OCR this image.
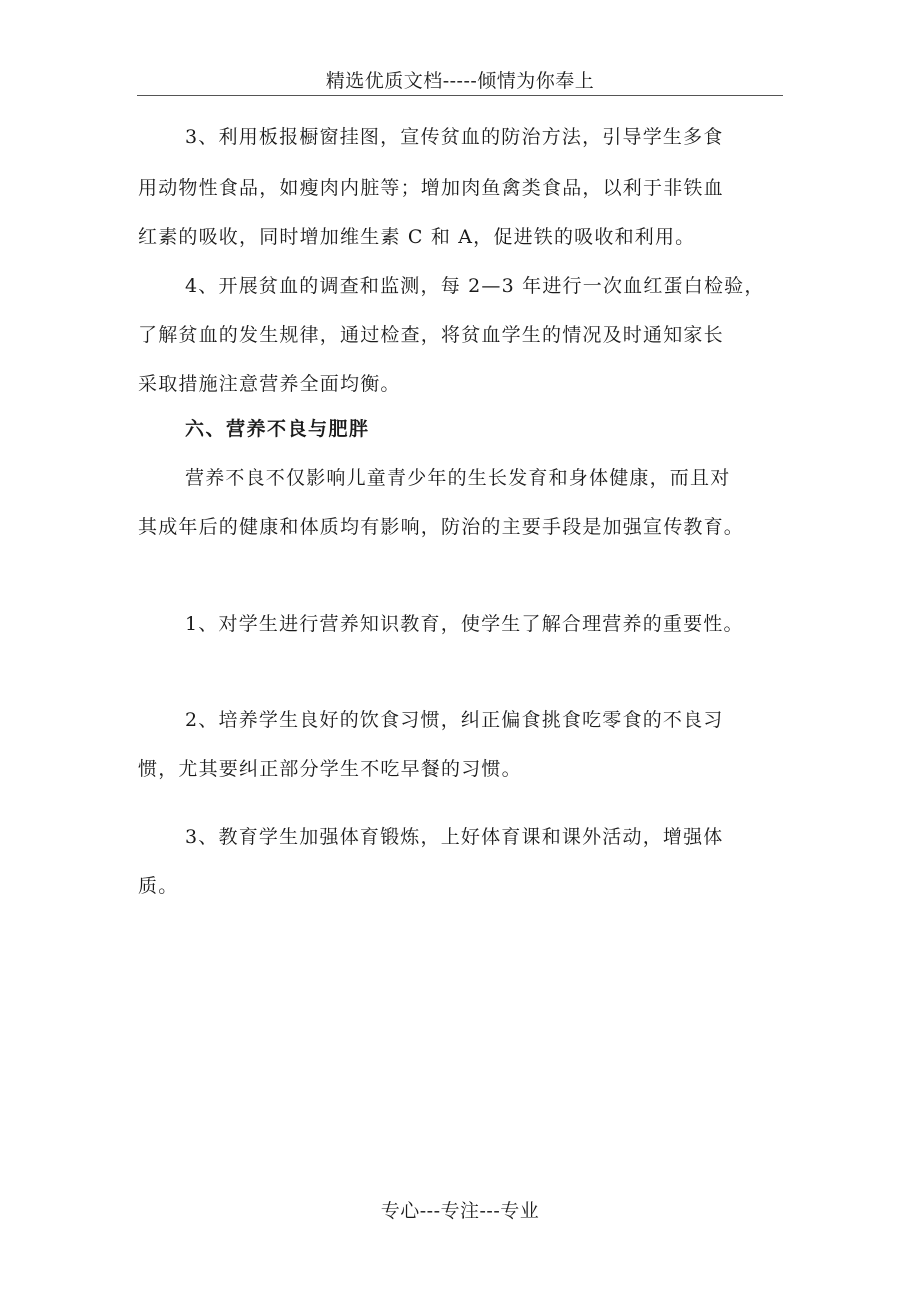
精选优质文档-----倾情为你奉上
3、利用板报橱窗挂图，宣传贫血的防治方法，引导学生多食
用动物性食品，如瘦肉内脏等；增加肉鱼禽类食品，以利于非铁血
红素的吸收，同时增加维生素 C 和 A，促进铁的吸收和利用。
4、开展贫血的调查和监测，每 2—3 年进行一次血红蛋白检验，
了解贫血的发生规律，通过检查，将贫血学生的情况及时通知家长
采取措施注意营养全面均衡。
六、营养不良与肥胖
营养不良不仅影响儿童青少年的生长发育和身体健康，而且对
其成年后的健康和体质均有影响，防治的主要手段是加强宣传教育。
1、对学生进行营养知识教育，使学生了解合理营养的重要性。
2、培养学生良好的饮食习惯，纠正偏食挑食吃零食的不良习
惯，尤其要纠正部分学生不吃早餐的习惯。
3、教育学生加强体育锻炼，上好体育课和课外活动，增强体
质。
专心---专注---专业
